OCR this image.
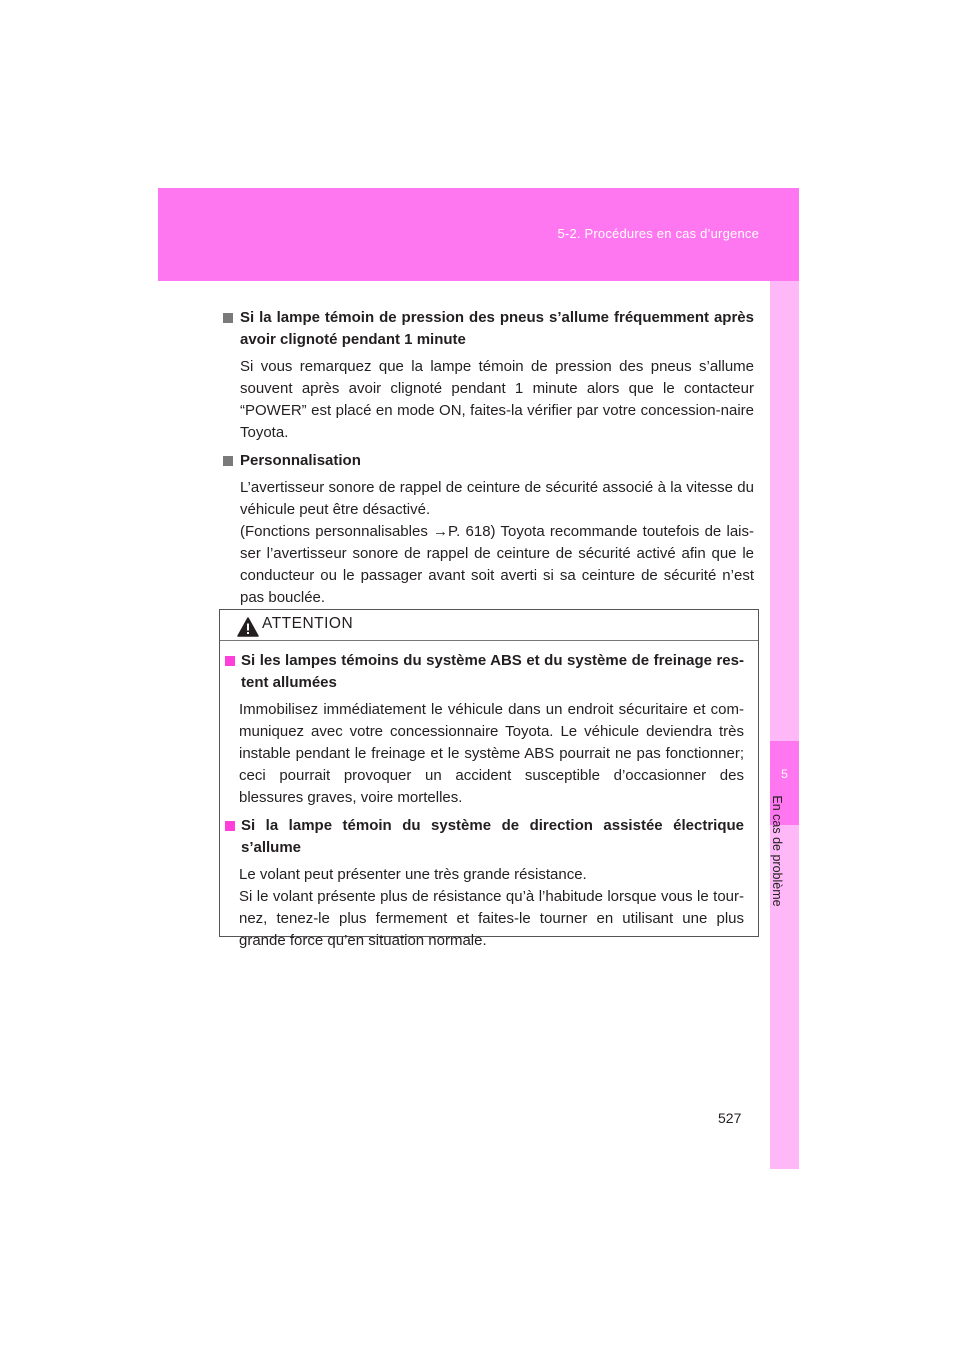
5-2. Procédures en cas d’urgence
5
En cas de problème
Si la lampe témoin de pression des pneus s’allume fréquemment après avoir clignoté pendant 1 minute
Si vous remarquez que la lampe témoin de pression des pneus s’allume souvent après avoir clignoté pendant 1 minute alors que le contacteur “POWER” est placé en mode ON, faites-la vérifier par votre concession-naire Toyota.
Personnalisation
L’avertisseur sonore de rappel de ceinture de sécurité associé à la vitesse du véhicule peut être désactivé.
(Fonctions personnalisables →P. 618) Toyota recommande toutefois de lais-ser l’avertisseur sonore de rappel de ceinture de sécurité activé afin que le conducteur ou le passager avant soit averti si sa ceinture de sécurité n’est pas bouclée.
ATTENTION
Si les lampes témoins du système ABS et du système de freinage res-tent allumées
Immobilisez immédiatement le véhicule dans un endroit sécuritaire et com-muniquez avec votre concessionnaire Toyota. Le véhicule deviendra très instable pendant le freinage et le système ABS pourrait ne pas fonctionner; ceci pourrait provoquer un accident susceptible d’occasionner des blessures graves, voire mortelles.
Si la lampe témoin du système de direction assistée électrique s’allume
Le volant peut présenter une très grande résistance.
Si le volant présente plus de résistance qu’à l’habitude lorsque vous le tour-nez, tenez-le plus fermement et faites-le tourner en utilisant une plus grande force qu’en situation normale.
527
